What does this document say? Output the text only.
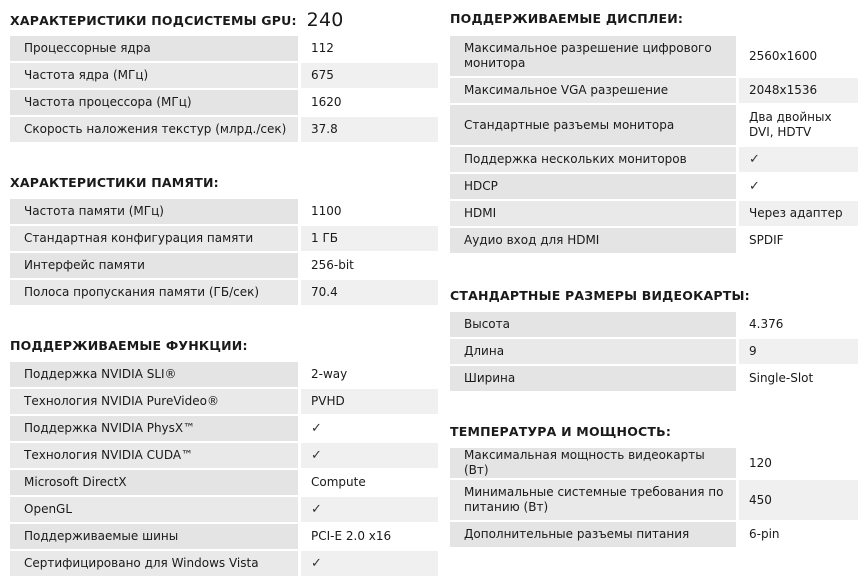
ХАРАКТЕРИСТИКИ ПОДСИСТЕМЫ GPU: 240
Процессорные ядра	112
Частота ядра (МГц)	675
Частота процессора (МГц)	1620
Скорость наложения текстур (млрд./сек)	37.8
ХАРАКТЕРИСТИКИ ПАМЯТИ:
Частота памяти (МГц)	1100
Стандартная конфигурация памяти	1 ГБ
Интерфейс памяти	256-bit
Полоса пропускания памяти (ГБ/сек)	70.4
ПОДДЕРЖИВАЕМЫЕ ФУНКЦИИ:
Поддержка NVIDIA SLI®	2-way
Технология NVIDIA PureVideo®	PVHD
Поддержка NVIDIA PhysX™	✓
Технология NVIDIA CUDA™	✓
Microsoft DirectX	Compute
OpenGL	✓
Поддерживаемые шины	PCI-E 2.0 x16
Сертифицировано для Windows Vista	✓
ПОДДЕРЖИВАЕМЫЕ ДИСПЛЕИ:
Максимальное разрешение цифрового монитора	2560x1600
Максимальное VGA разрешение	2048x1536
Стандартные разъемы монитора	Два двойных DVI, HDTV
Поддержка нескольких мониторов	✓
HDCP	✓
HDMI	Через адаптер
Аудио вход для HDMI	SPDIF
СТАНДАРТНЫЕ РАЗМЕРЫ ВИДЕОКАРТЫ:
Высота	4.376
Длина	9
Ширина	Single-Slot
ТЕМПЕРАТУРА И МОЩНОСТЬ:
Максимальная мощность видеокарты (Вт)	120
Минимальные системные требования по питанию (Вт)	450
Дополнительные разъемы питания	6-pin
